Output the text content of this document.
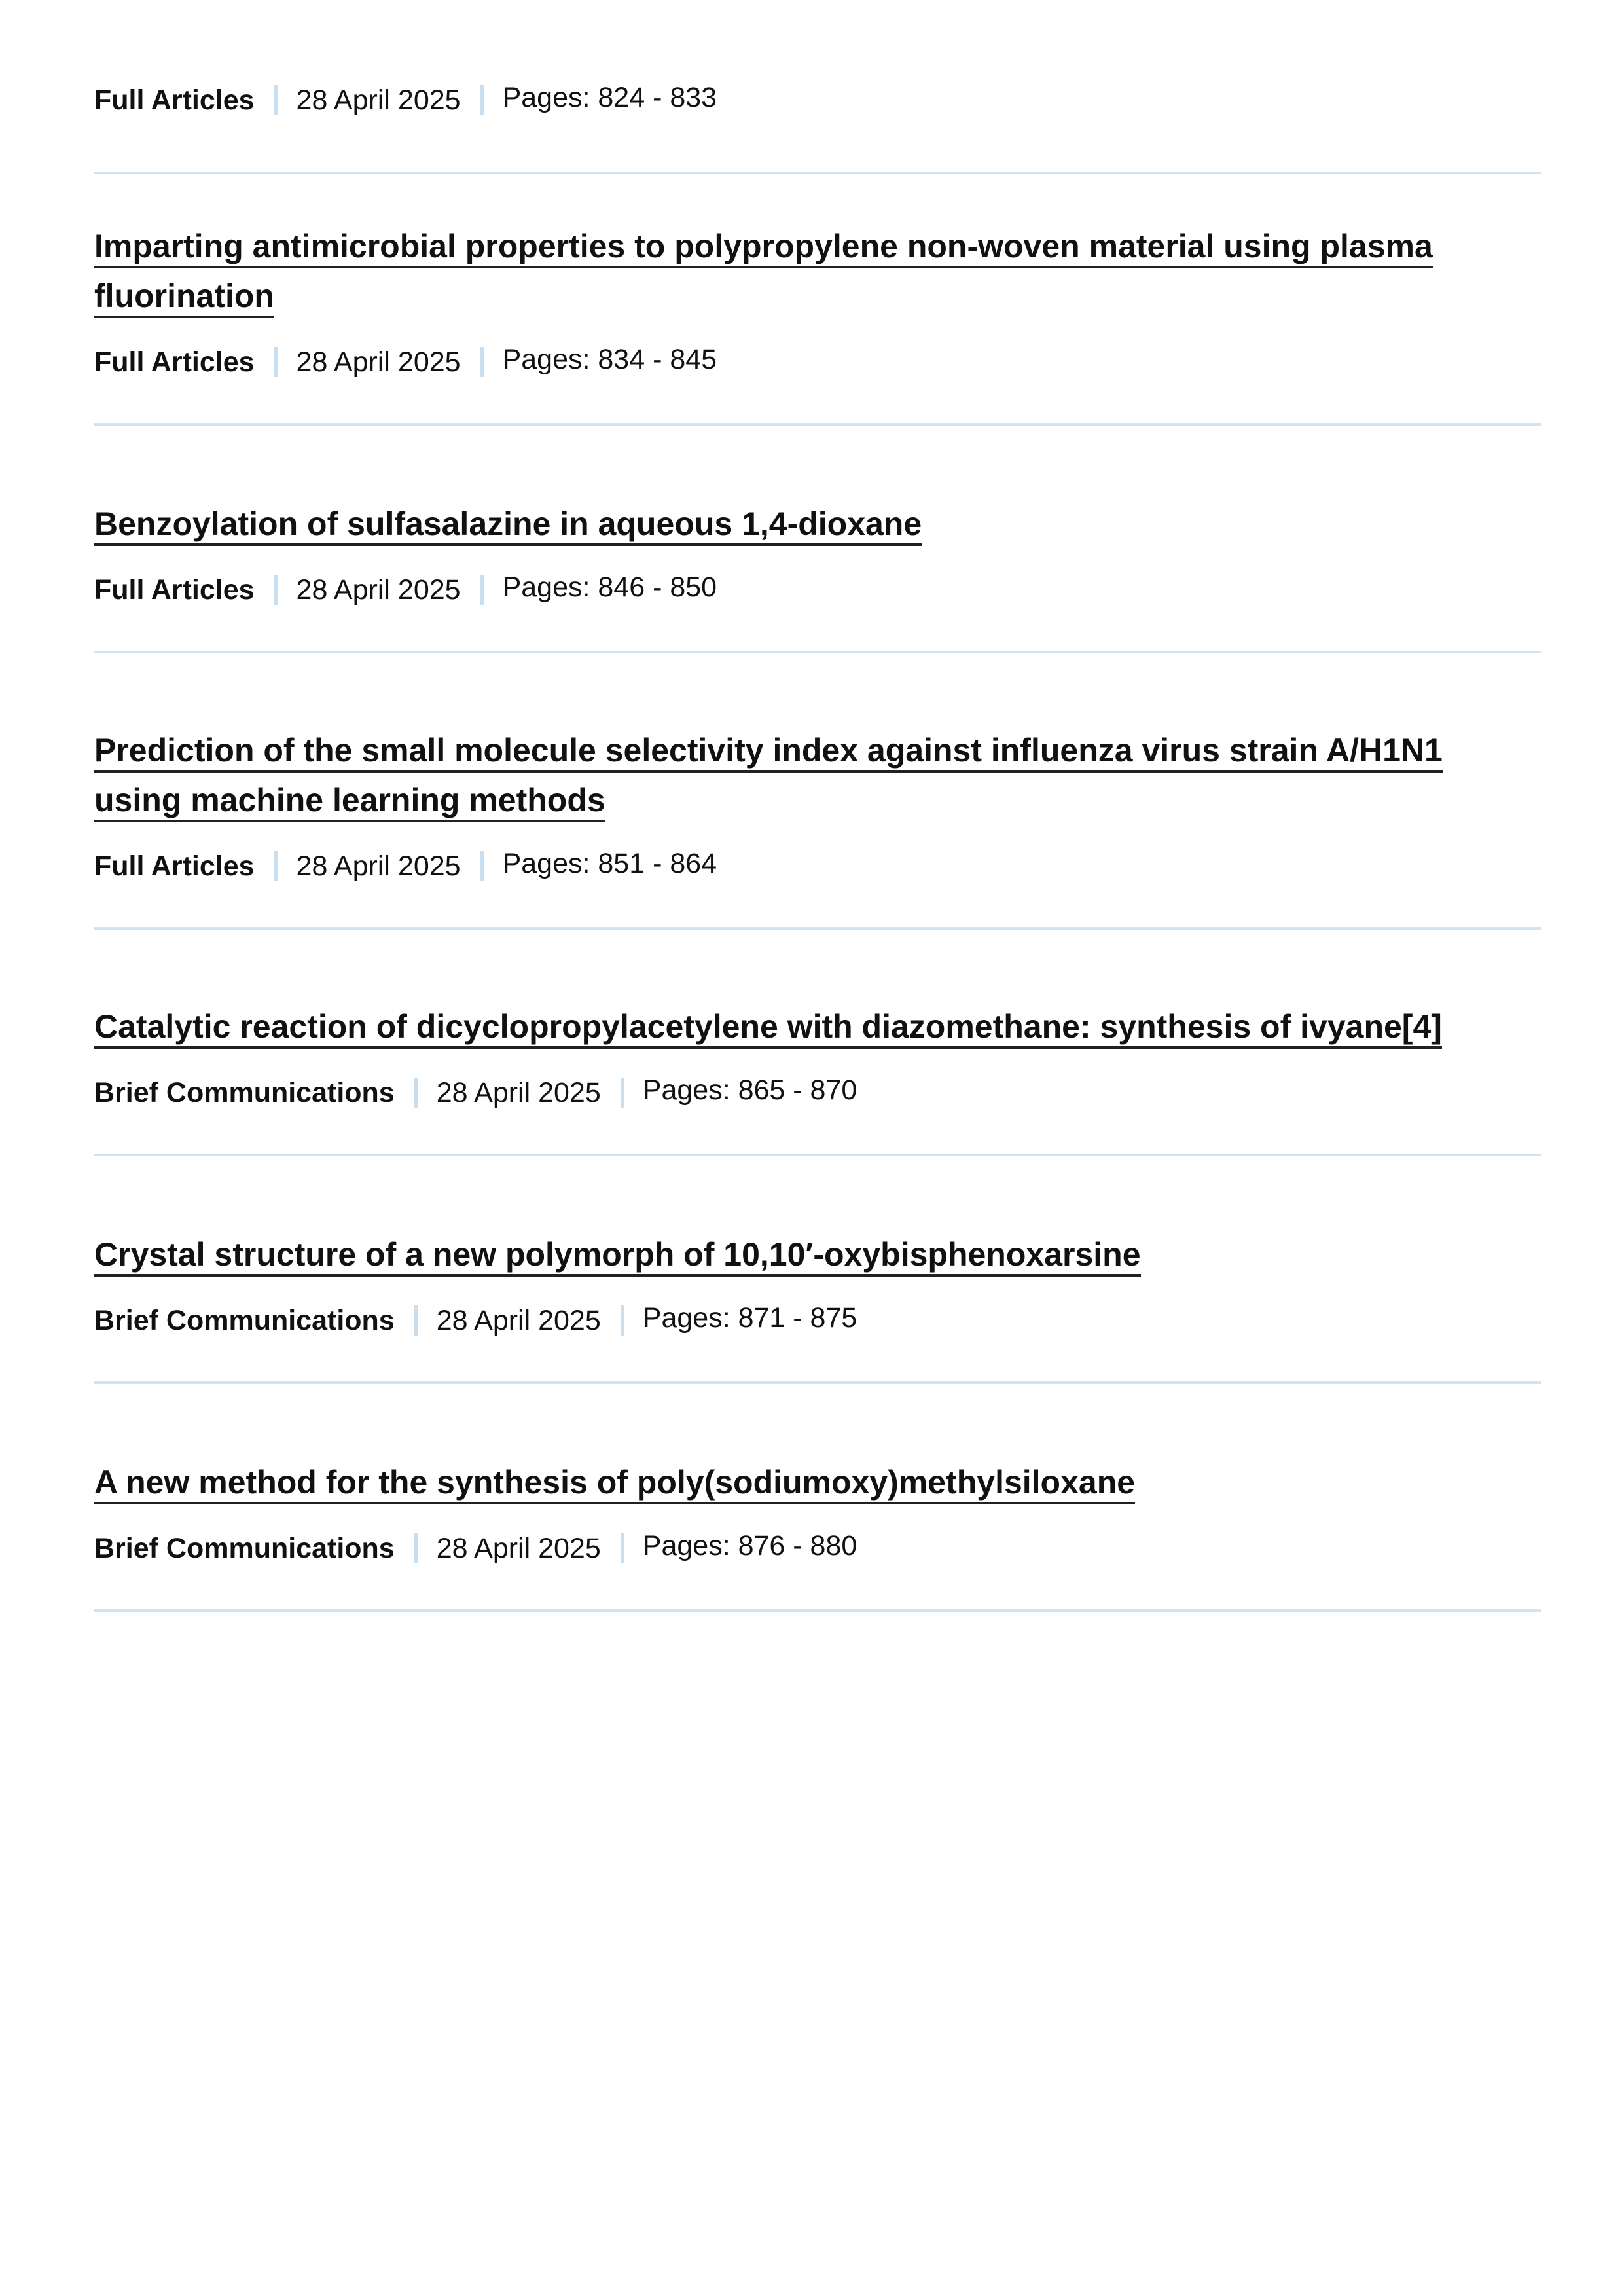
Full Articles 28 April 2025 Pages: 824 - 833
Imparting antimicrobial properties to polypropylene non-woven material using plasma fluorination
Full Articles 28 April 2025 Pages: 834 - 845
Benzoylation of sulfasalazine in aqueous 1,4-dioxane
Full Articles 28 April 2025 Pages: 846 - 850
Prediction of the small molecule selectivity index against influenza virus strain A/H1N1 using machine learning methods
Full Articles 28 April 2025 Pages: 851 - 864
Catalytic reaction of dicyclopropylacetylene with diazomethane: synthesis of ivyane[4]
Brief Communications 28 April 2025 Pages: 865 - 870
Crystal structure of a new polymorph of 10,10′-oxybisphenoxarsine
Brief Communications 28 April 2025 Pages: 871 - 875
A new method for the synthesis of poly(sodiumoxy)methylsiloxane
Brief Communications 28 April 2025 Pages: 876 - 880
